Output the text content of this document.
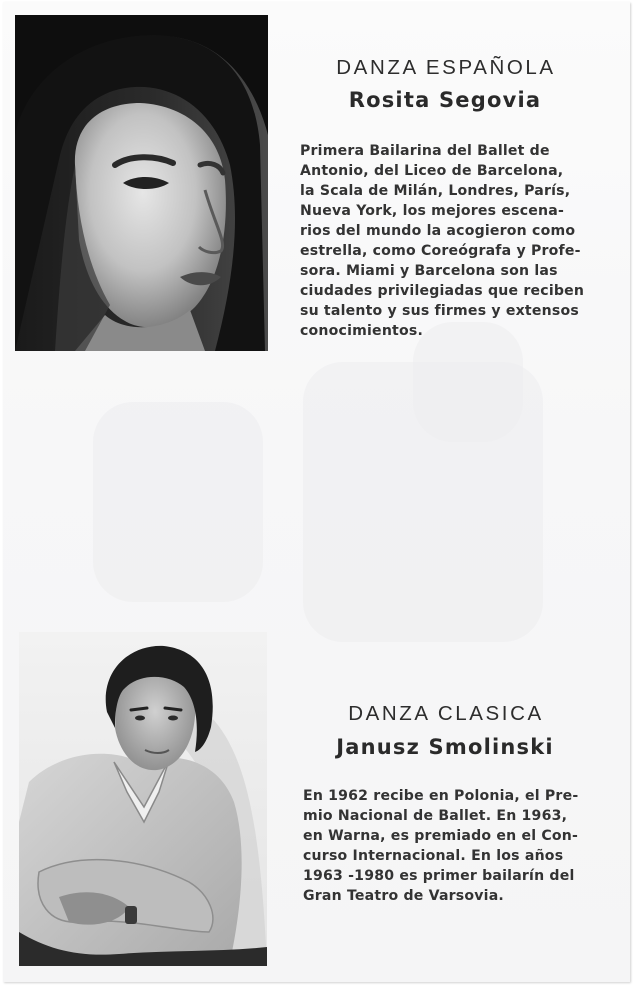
DANZA ESPAÑOLA
Rosita Segovia
Primera Bailarina del Ballet de
Antonio, del Liceo de Barcelona,
la Scala de Milán, Londres, París,
Nueva York, los mejores escena-
rios del mundo la acogieron como
estrella, como Coreógrafa y Profe-
sora. Miami y Barcelona son las
ciudades privilegiadas que reciben
su talento y sus firmes y extensos
conocimientos.
DANZA CLASICA
Janusz Smolinski
En 1962 recibe en Polonia, el Pre-
mio Nacional de Ballet. En 1963,
en Warna, es premiado en el Con-
curso Internacional. En los años
1963 -1980 es primer bailarín del
Gran Teatro de Varsovia.
